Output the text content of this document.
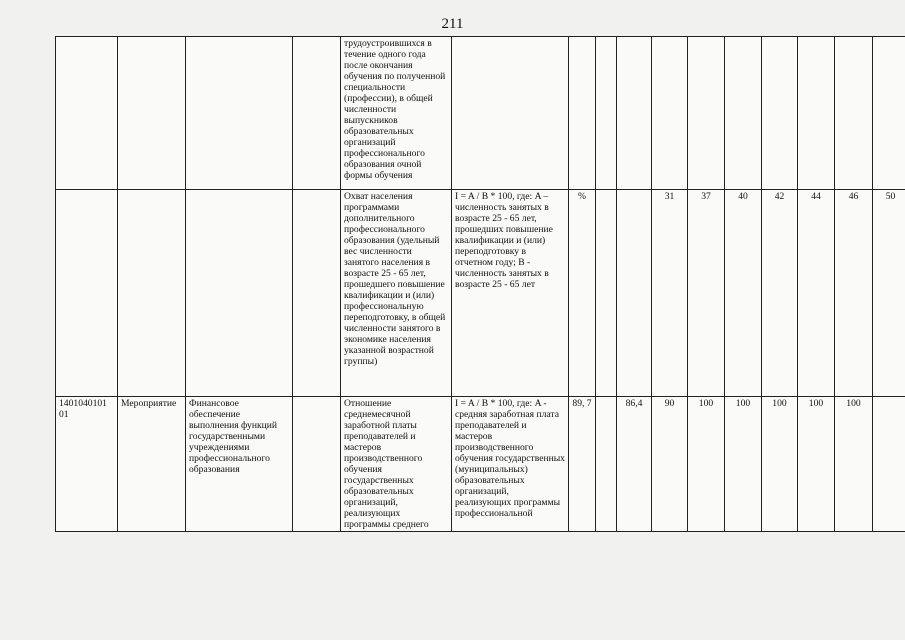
211
				трудоустроившихся в течение одного года после окончания обучения по полученной специальности (профессии), в общей численности выпускников образовательных организаций профессионального образования очной формы обучения											
				Охват населения программами дополнительного профессионального образования (удельный вес численности занятого населения в возрасте 25 - 65 лет, прошедшего повышение квалификации и (или) профессиональную переподготовку, в общей численности занятого в экономике населения указанной возрастной группы)	I = A / B * 100, где: A – численность занятых в возрасте 25 - 65 лет, прошедших повышение квалификации и (или) переподготовку в отчетном году; B - численность занятых в возрасте 25 - 65 лет	%			31	37	40	42	44	46	50
1401040101 01	Мероприятие	Финансовое обеспечение выполнения функций государственными учреждениями профессионального образования		Отношение среднемесячной заработной платы преподавателей и мастеров производственного обучения государственных образовательных организаций, реализующих программы среднего	I = A / B * 100, где: A - средняя заработная плата преподавателей и мастеров производственного обучения государственных (муниципальных) образовательных организаций, реализующих программы профессиональной	89, 7		86,4	90	100	100	100	100	100	
